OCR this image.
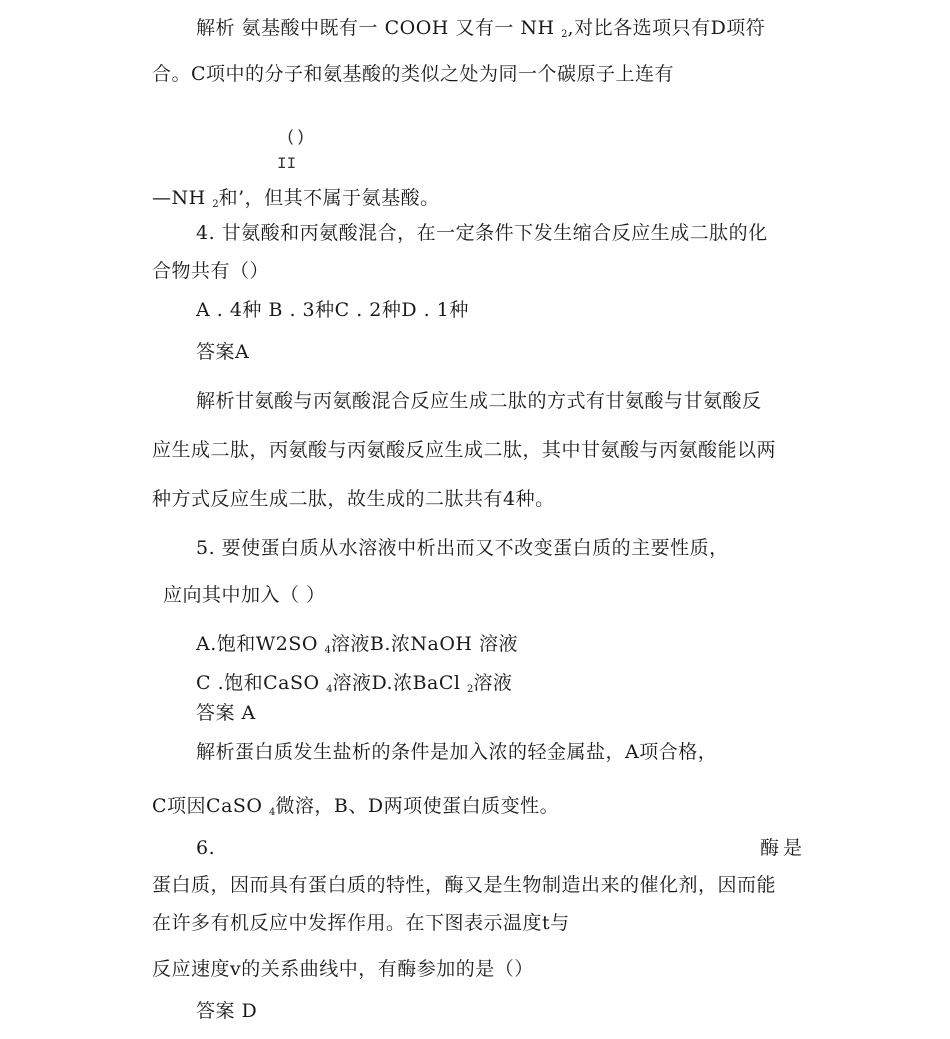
解析 氨基酸中既有一 COOH 又有一 NH $_2$,对比各选项只有D项符
合。C项中的分子和氨基酸的类似之处为同一个碳原子上连有
()
II
—NH $_2$和’，但其不属于氨基酸。
4. 甘氨酸和丙氨酸混合，在一定条件下发生缩合反应生成二肽的化
合物共有（）
A . 4种 B . 3种C . 2种D . 1种
答案A
解析甘氨酸与丙氨酸混合反应生成二肽的方式有甘氨酸与甘氨酸反
应生成二肽，丙氨酸与丙氨酸反应生成二肽，其中甘氨酸与丙氨酸能以两
种方式反应生成二肽，故生成的二肽共有4种。
5. 要使蛋白质从水溶液中析出而又不改变蛋白质的主要性质，
应向其中加入（ ）
A.饱和W2SO $_4$溶液B.浓NaOH 溶液
C .饱和CaSO $_4$溶液D.浓BaCl $_2$溶液
答案 A
解析蛋白质发生盐析的条件是加入浓的轻金属盐，A项合格，
C项因CaSO $_4$微溶，B、D两项使蛋白质变性。
6.	酶是
蛋白质，因而具有蛋白质的特性，酶又是生物制造出来的催化剂，因而能
在许多有机反应中发挥作用。在下图表示温度t与
反应速度v的关系曲线中，有酶参加的是（）
答案 D
